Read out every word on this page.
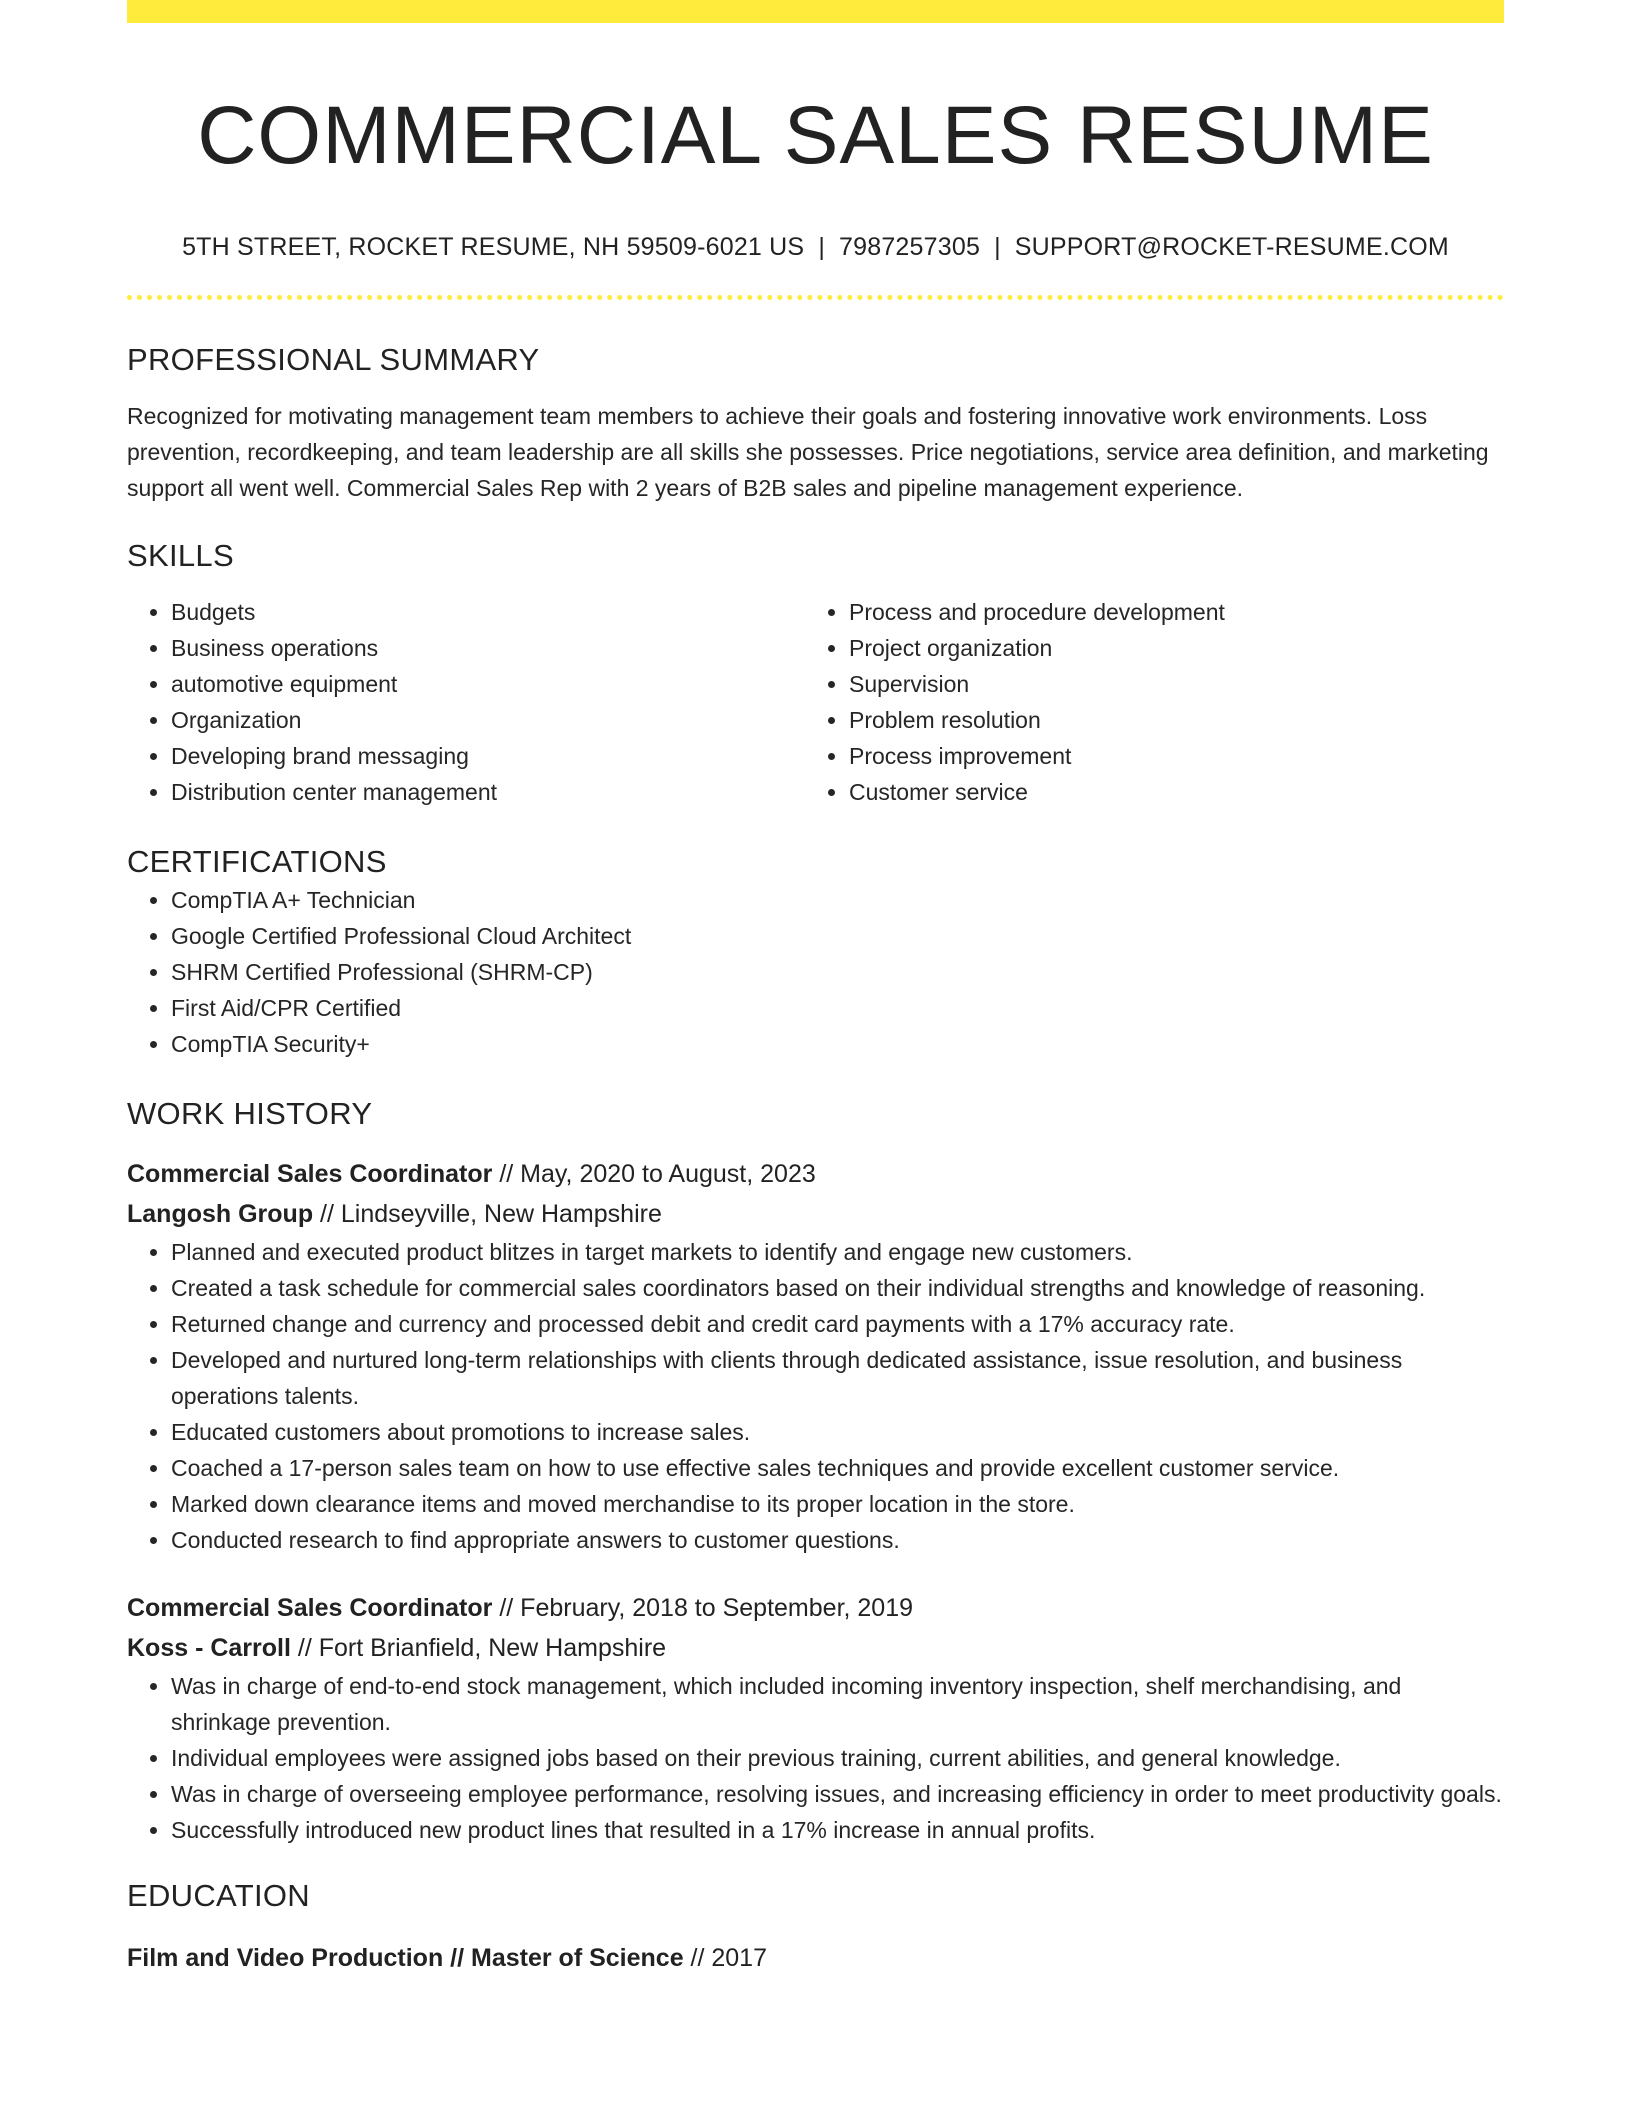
COMMERCIAL SALES RESUME
5TH STREET, ROCKET RESUME, NH 59509-6021 US | 7987257305 | SUPPORT@ROCKET-RESUME.COM
PROFESSIONAL SUMMARY
Recognized for motivating management team members to achieve their goals and fostering innovative work environments. Loss prevention, recordkeeping, and team leadership are all skills she possesses. Price negotiations, service area definition, and marketing support all went well. Commercial Sales Rep with 2 years of B2B sales and pipeline management experience.
SKILLS
• Budgets
• Business operations
• automotive equipment
• Organization
• Developing brand messaging
• Distribution center management
• Process and procedure development
• Project organization
• Supervision
• Problem resolution
• Process improvement
• Customer service
CERTIFICATIONS
• CompTIA A+ Technician
• Google Certified Professional Cloud Architect
• SHRM Certified Professional (SHRM-CP)
• First Aid/CPR Certified
• CompTIA Security+
WORK HISTORY
Commercial Sales Coordinator // May, 2020 to August, 2023
Langosh Group // Lindseyville, New Hampshire
• Planned and executed product blitzes in target markets to identify and engage new customers.
• Created a task schedule for commercial sales coordinators based on their individual strengths and knowledge of reasoning.
• Returned change and currency and processed debit and credit card payments with a 17% accuracy rate.
• Developed and nurtured long-term relationships with clients through dedicated assistance, issue resolution, and business operations talents.
• Educated customers about promotions to increase sales.
• Coached a 17-person sales team on how to use effective sales techniques and provide excellent customer service.
• Marked down clearance items and moved merchandise to its proper location in the store.
• Conducted research to find appropriate answers to customer questions.
Commercial Sales Coordinator // February, 2018 to September, 2019
Koss - Carroll // Fort Brianfield, New Hampshire
• Was in charge of end-to-end stock management, which included incoming inventory inspection, shelf merchandising, and shrinkage prevention.
• Individual employees were assigned jobs based on their previous training, current abilities, and general knowledge.
• Was in charge of overseeing employee performance, resolving issues, and increasing efficiency in order to meet productivity goals.
• Successfully introduced new product lines that resulted in a 17% increase in annual profits.
EDUCATION
Film and Video Production // Master of Science // 2017
